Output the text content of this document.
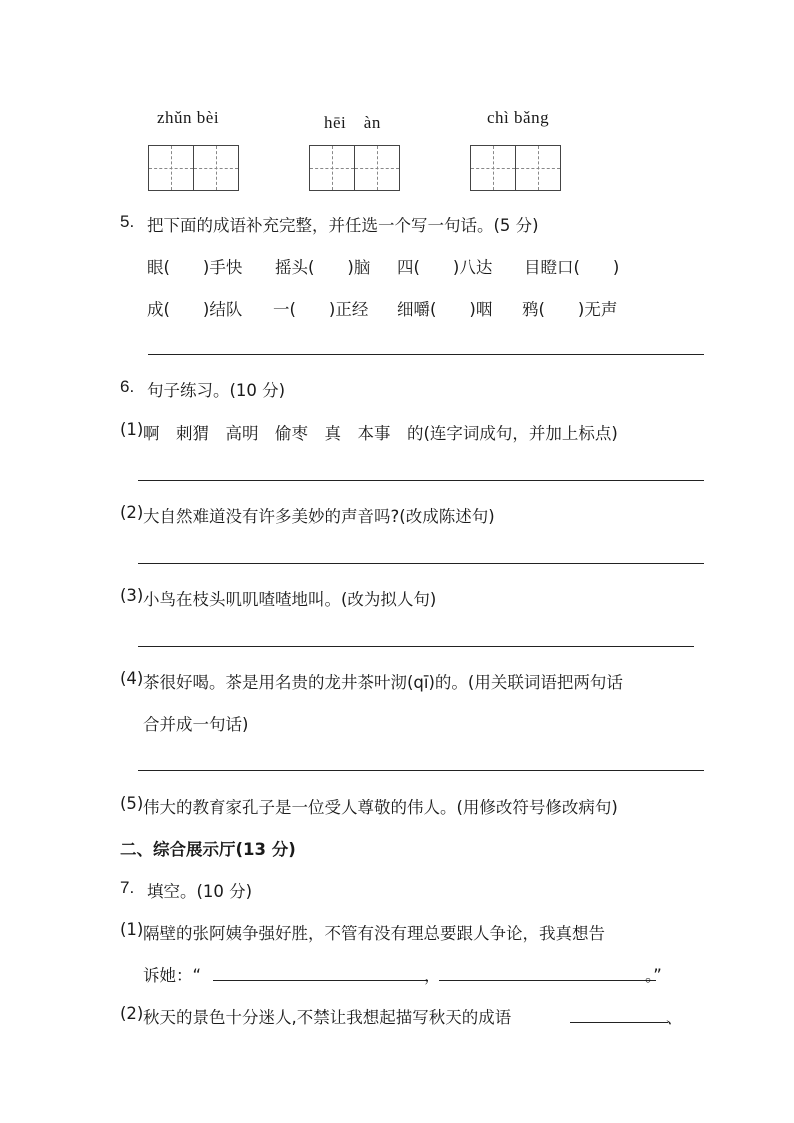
zhǔn bèi	hēi　àn	chì bǎng
5. 把下面的成语补充完整，并任选一个写一句话。(5 分)
眼(　　)手快 摇头(　　)脑 四(　　)八达 目瞪口(　　)
成(　　)结队 一(　　)正经 细嚼(　　)咽 鸦(　　)无声
6. 句子练习。(10 分)
(1) 啊　刺猬　高明　偷枣　真　本事　的(连字词成句，并加上标点)
(2) 大自然难道没有许多美妙的声音吗?(改成陈述句)
(3) 小鸟在枝头叽叽喳喳地叫。(改为拟人句)
(4) 茶很好喝。茶是用名贵的龙井茶叶沏(qī)的。(用关联词语把两句话
合并成一句话)
(5) 伟大的教育家孔子是一位受人尊敬的伟人。(用修改符号修改病句)
二、综合展示厅(13 分)
7. 填空。(10 分)
(1) 隔壁的张阿姨争强好胜，不管有没有理总要跟人争论，我真想告
诉她：“	，	。”
(2) 秋天的景色十分迷人,不禁让我想起描写秋天的成语	、
